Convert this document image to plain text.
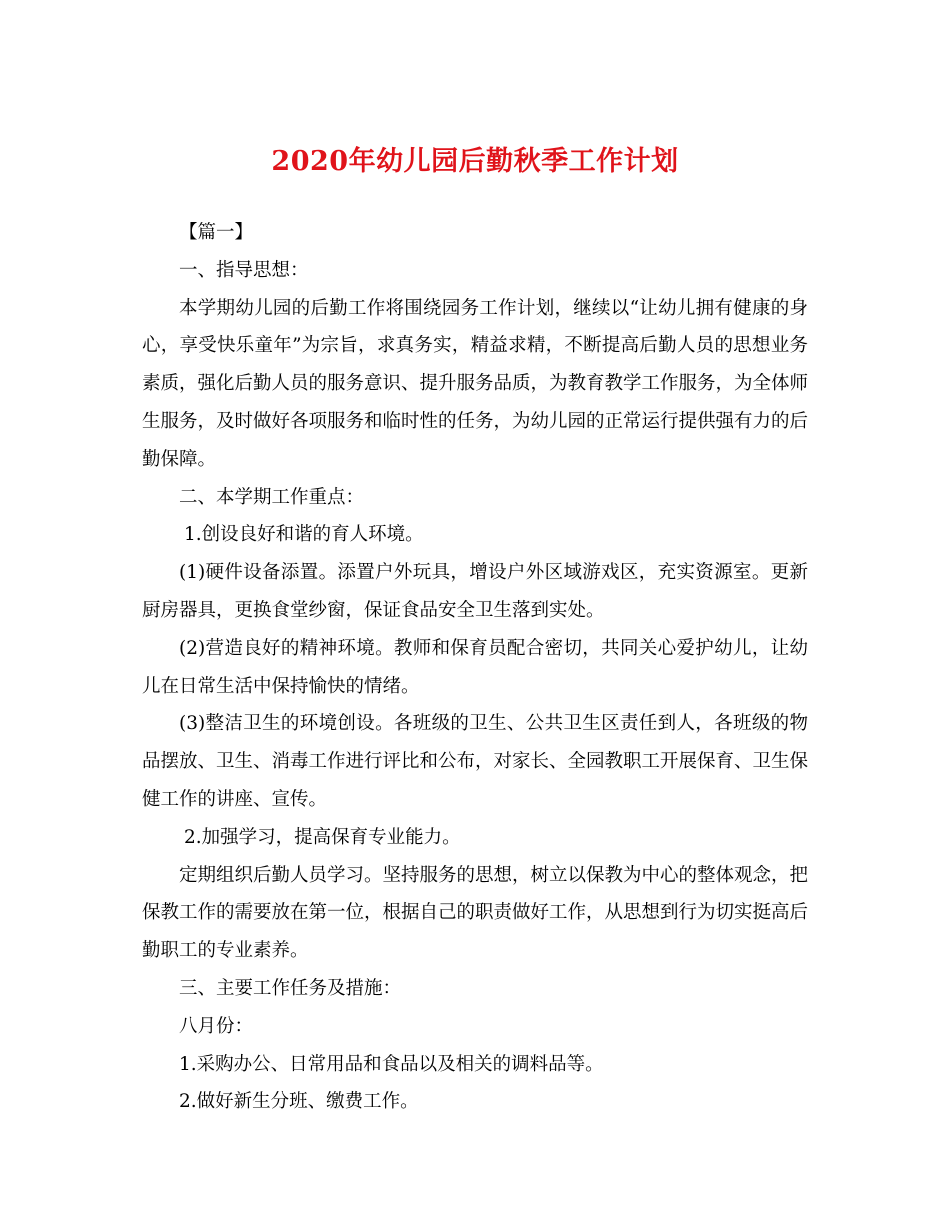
2020年幼儿园后勤秋季工作计划

【篇一】

一、指导思想：

本学期幼儿园的后勤工作将围绕园务工作计划，继续以“让幼儿拥有健康的身心，享受快乐童年”为宗旨，求真务实，精益求精，不断提高后勤人员的思想业务素质，强化后勤人员的服务意识、提升服务品质，为教育教学工作服务，为全体师生服务，及时做好各项服务和临时性的任务，为幼儿园的正常运行提供强有力的后勤保障。

二、本学期工作重点：

1.创设良好和谐的育人环境。

(1)硬件设备添置。添置户外玩具，增设户外区域游戏区，充实资源室。更新厨房器具，更换食堂纱窗，保证食品安全卫生落到实处。

(2)营造良好的精神环境。教师和保育员配合密切，共同关心爱护幼儿，让幼儿在日常生活中保持愉快的情绪。

(3)整洁卫生的环境创设。各班级的卫生、公共卫生区责任到人，各班级的物品摆放、卫生、消毒工作进行评比和公布，对家长、全园教职工开展保育、卫生保健工作的讲座、宣传。

2.加强学习，提高保育专业能力。

定期组织后勤人员学习。坚持服务的思想，树立以保教为中心的整体观念，把保教工作的需要放在第一位，根据自己的职责做好工作，从思想到行为切实挺高后勤职工的专业素养。

三、主要工作任务及措施：

八月份：

1.采购办公、日常用品和食品以及相关的调料品等。

2.做好新生分班、缴费工作。
